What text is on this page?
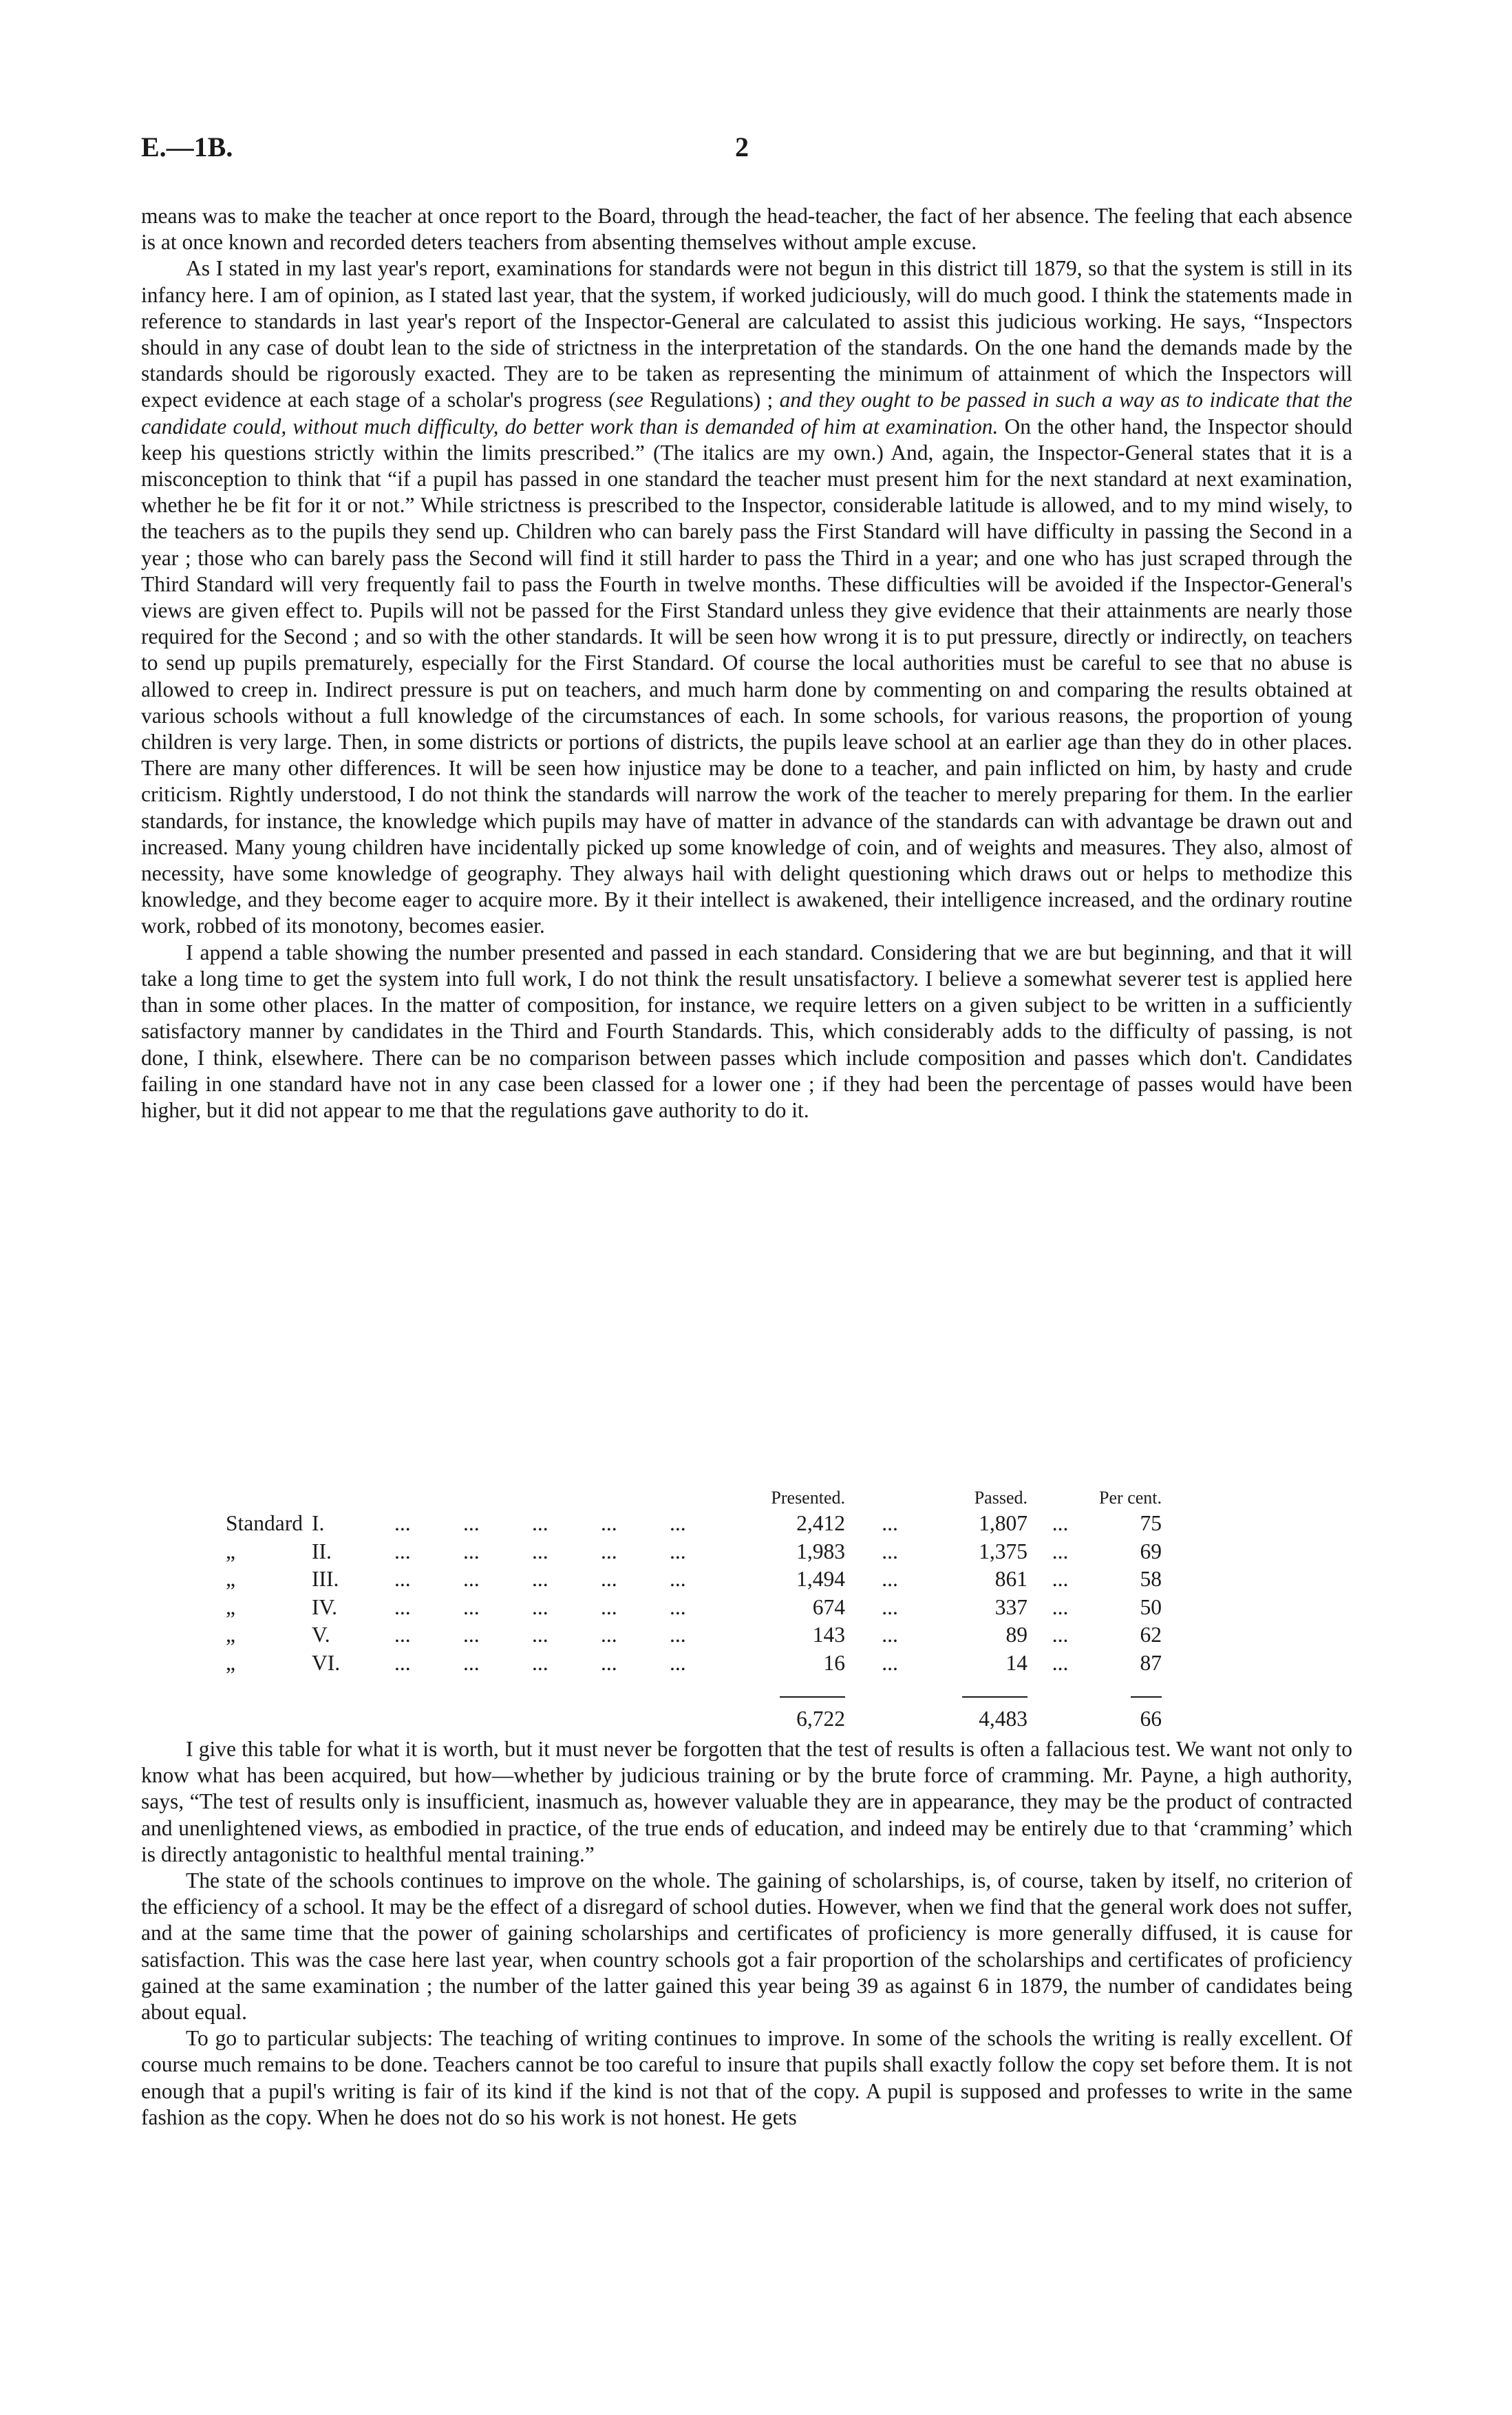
E.—1B.	2

means was to make the teacher at once report to the Board, through the head-teacher, the fact of her absence. The feeling that each absence is at once known and recorded deters teachers from absenting themselves without ample excuse.

As I stated in my last year's report, examinations for standards were not begun in this district till 1879, so that the system is still in its infancy here. I am of opinion, as I stated last year, that the system, if worked judiciously, will do much good. I think the statements made in reference to standards in last year's report of the Inspector-General are calculated to assist this judicious working. He says, “Inspectors should in any case of doubt lean to the side of strictness in the interpretation of the standards. On the one hand the demands made by the standards should be rigorously exacted. They are to be taken as representing the minimum of attainment of which the Inspectors will expect evidence at each stage of a scholar's progress (see Regulations) ; and they ought to be passed in such a way as to indicate that the candidate could, without much difficulty, do better work than is demanded of him at examination. On the other hand, the Inspector should keep his questions strictly within the limits prescribed.” (The italics are my own.) And, again, the Inspector-General states that it is a misconception to think that “if a pupil has passed in one standard the teacher must present him for the next standard at next examination, whether he be fit for it or not.” While strictness is prescribed to the Inspector, considerable latitude is allowed, and to my mind wisely, to the teachers as to the pupils they send up. Children who can barely pass the First Standard will have difficulty in passing the Second in a year ; those who can barely pass the Second will find it still harder to pass the Third in a year; and one who has just scraped through the Third Standard will very frequently fail to pass the Fourth in twelve months. These difficulties will be avoided if the Inspector-General's views are given effect to. Pupils will not be passed for the First Standard unless they give evidence that their attainments are nearly those required for the Second ; and so with the other standards. It will be seen how wrong it is to put pressure, directly or indirectly, on teachers to send up pupils prematurely, especially for the First Standard. Of course the local authorities must be careful to see that no abuse is allowed to creep in. Indirect pressure is put on teachers, and much harm done by commenting on and comparing the results obtained at various schools without a full knowledge of the circumstances of each. In some schools, for various reasons, the proportion of young children is very large. Then, in some districts or portions of districts, the pupils leave school at an earlier age than they do in other places. There are many other differences. It will be seen how injustice may be done to a teacher, and pain inflicted on him, by hasty and crude criticism. Rightly understood, I do not think the standards will narrow the work of the teacher to merely preparing for them. In the earlier standards, for instance, the knowledge which pupils may have of matter in advance of the standards can with advantage be drawn out and increased. Many young children have incidentally picked up some knowledge of coin, and of weights and measures. They also, almost of necessity, have some knowledge of geography. They always hail with delight questioning which draws out or helps to methodize this knowledge, and they become eager to acquire more. By it their intellect is awakened, their intelligence increased, and the ordinary routine work, robbed of its monotony, becomes easier.

I append a table showing the number presented and passed in each standard. Considering that we are but beginning, and that it will take a long time to get the system into full work, I do not think the result unsatisfactory. I believe a somewhat severer test is applied here than in some other places. In the matter of composition, for instance, we require letters on a given subject to be written in a sufficiently satisfactory manner by candidates in the Third and Fourth Standards. This, which considerably adds to the difficulty of passing, is not done, I think, elsewhere. There can be no comparison between passes which include composition and passes which don't. Candidates failing in one standard have not in any case been classed for a lower one ; if they had been the percentage of passes would have been higher, but it did not appear to me that the regulations gave authority to do it.

			Presented.		Passed.		Per cent.
Standard	I.	... ... ... ... ...	2,412	...	1,807	...	75
„	II.	... ... ... ... ...	1,983	...	1,375	...	69
„	III.	... ... ... ... ...	1,494	...	861	...	58
„	IV.	... ... ... ... ...	674	...	337	...	50
„	V.	... ... ... ... ...	143	...	89	...	62
„	VI.	... ... ... ... ...	16	...	14	...	87

			6,722		4,483		66

I give this table for what it is worth, but it must never be forgotten that the test of results is often a fallacious test. We want not only to know what has been acquired, but how—whether by judicious training or by the brute force of cramming. Mr. Payne, a high authority, says, “The test of results only is insufficient, inasmuch as, however valuable they are in appearance, they may be the product of contracted and unenlightened views, as embodied in practice, of the true ends of education, and indeed may be entirely due to that ‘cramming’ which is directly antagonistic to healthful mental training.”

The state of the schools continues to improve on the whole. The gaining of scholarships, is, of course, taken by itself, no criterion of the efficiency of a school. It may be the effect of a disregard of school duties. However, when we find that the general work does not suffer, and at the same time that the power of gaining scholarships and certificates of proficiency is more generally diffused, it is cause for satisfaction. This was the case here last year, when country schools got a fair proportion of the scholarships and certificates of proficiency gained at the same examination ; the number of the latter gained this year being 39 as against 6 in 1879, the number of candidates being about equal.

To go to particular subjects: The teaching of writing continues to improve. In some of the schools the writing is really excellent. Of course much remains to be done. Teachers cannot be too careful to insure that pupils shall exactly follow the copy set before them. It is not enough that a pupil's writing is fair of its kind if the kind is not that of the copy. A pupil is supposed and professes to write in the same fashion as the copy. When he does not do so his work is not honest. He gets
